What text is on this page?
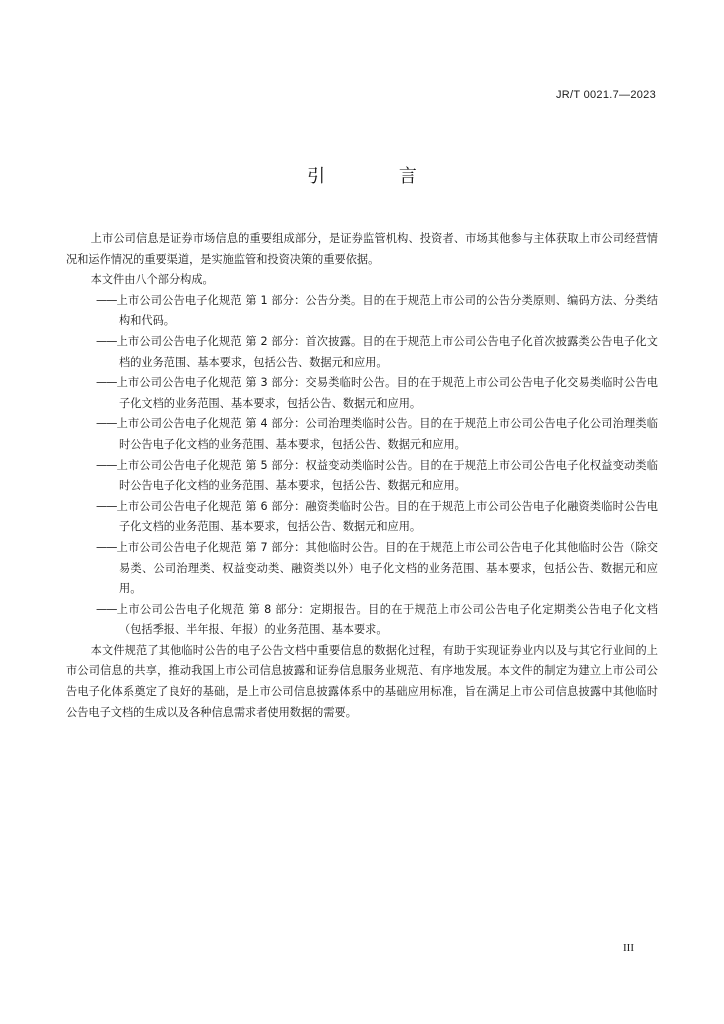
JR/T 0021.7—2023
引 言

上市公司信息是证券市场信息的重要组成部分，是证券监管机构、投资者、市场其他参与主体获取上市公司经营情况和运作情况的重要渠道，是实施监管和投资决策的重要依据。

本文件由八个部分构成。

——上市公司公告电子化规范 第 1 部分：公告分类。目的在于规范上市公司的公告分类原则、编码方法、分类结构和代码。

——上市公司公告电子化规范 第 2 部分：首次披露。目的在于规范上市公司公告电子化首次披露类公告电子化文档的业务范围、基本要求，包括公告、数据元和应用。

——上市公司公告电子化规范 第 3 部分：交易类临时公告。目的在于规范上市公司公告电子化交易类临时公告电子化文档的业务范围、基本要求，包括公告、数据元和应用。

——上市公司公告电子化规范 第 4 部分：公司治理类临时公告。目的在于规范上市公司公告电子化公司治理类临时公告电子化文档的业务范围、基本要求，包括公告、数据元和应用。

——上市公司公告电子化规范 第 5 部分：权益变动类临时公告。目的在于规范上市公司公告电子化权益变动类临时公告电子化文档的业务范围、基本要求，包括公告、数据元和应用。

——上市公司公告电子化规范 第 6 部分：融资类临时公告。目的在于规范上市公司公告电子化融资类临时公告电子化文档的业务范围、基本要求，包括公告、数据元和应用。

——上市公司公告电子化规范 第 7 部分：其他临时公告。目的在于规范上市公司公告电子化其他临时公告（除交易类、公司治理类、权益变动类、融资类以外）电子化文档的业务范围、基本要求，包括公告、数据元和应用。

——上市公司公告电子化规范 第 8 部分：定期报告。目的在于规范上市公司公告电子化定期类公告电子化文档（包括季报、半年报、年报）的业务范围、基本要求。

本文件规范了其他临时公告的电子公告文档中重要信息的数据化过程，有助于实现证券业内以及与其它行业间的上市公司信息的共享，推动我国上市公司信息披露和证券信息服务业规范、有序地发展。本文件的制定为建立上市公司公告电子化体系奠定了良好的基础，是上市公司信息披露体系中的基础应用标准，旨在满足上市公司信息披露中其他临时公告电子文档的生成以及各种信息需求者使用数据的需要。

III
